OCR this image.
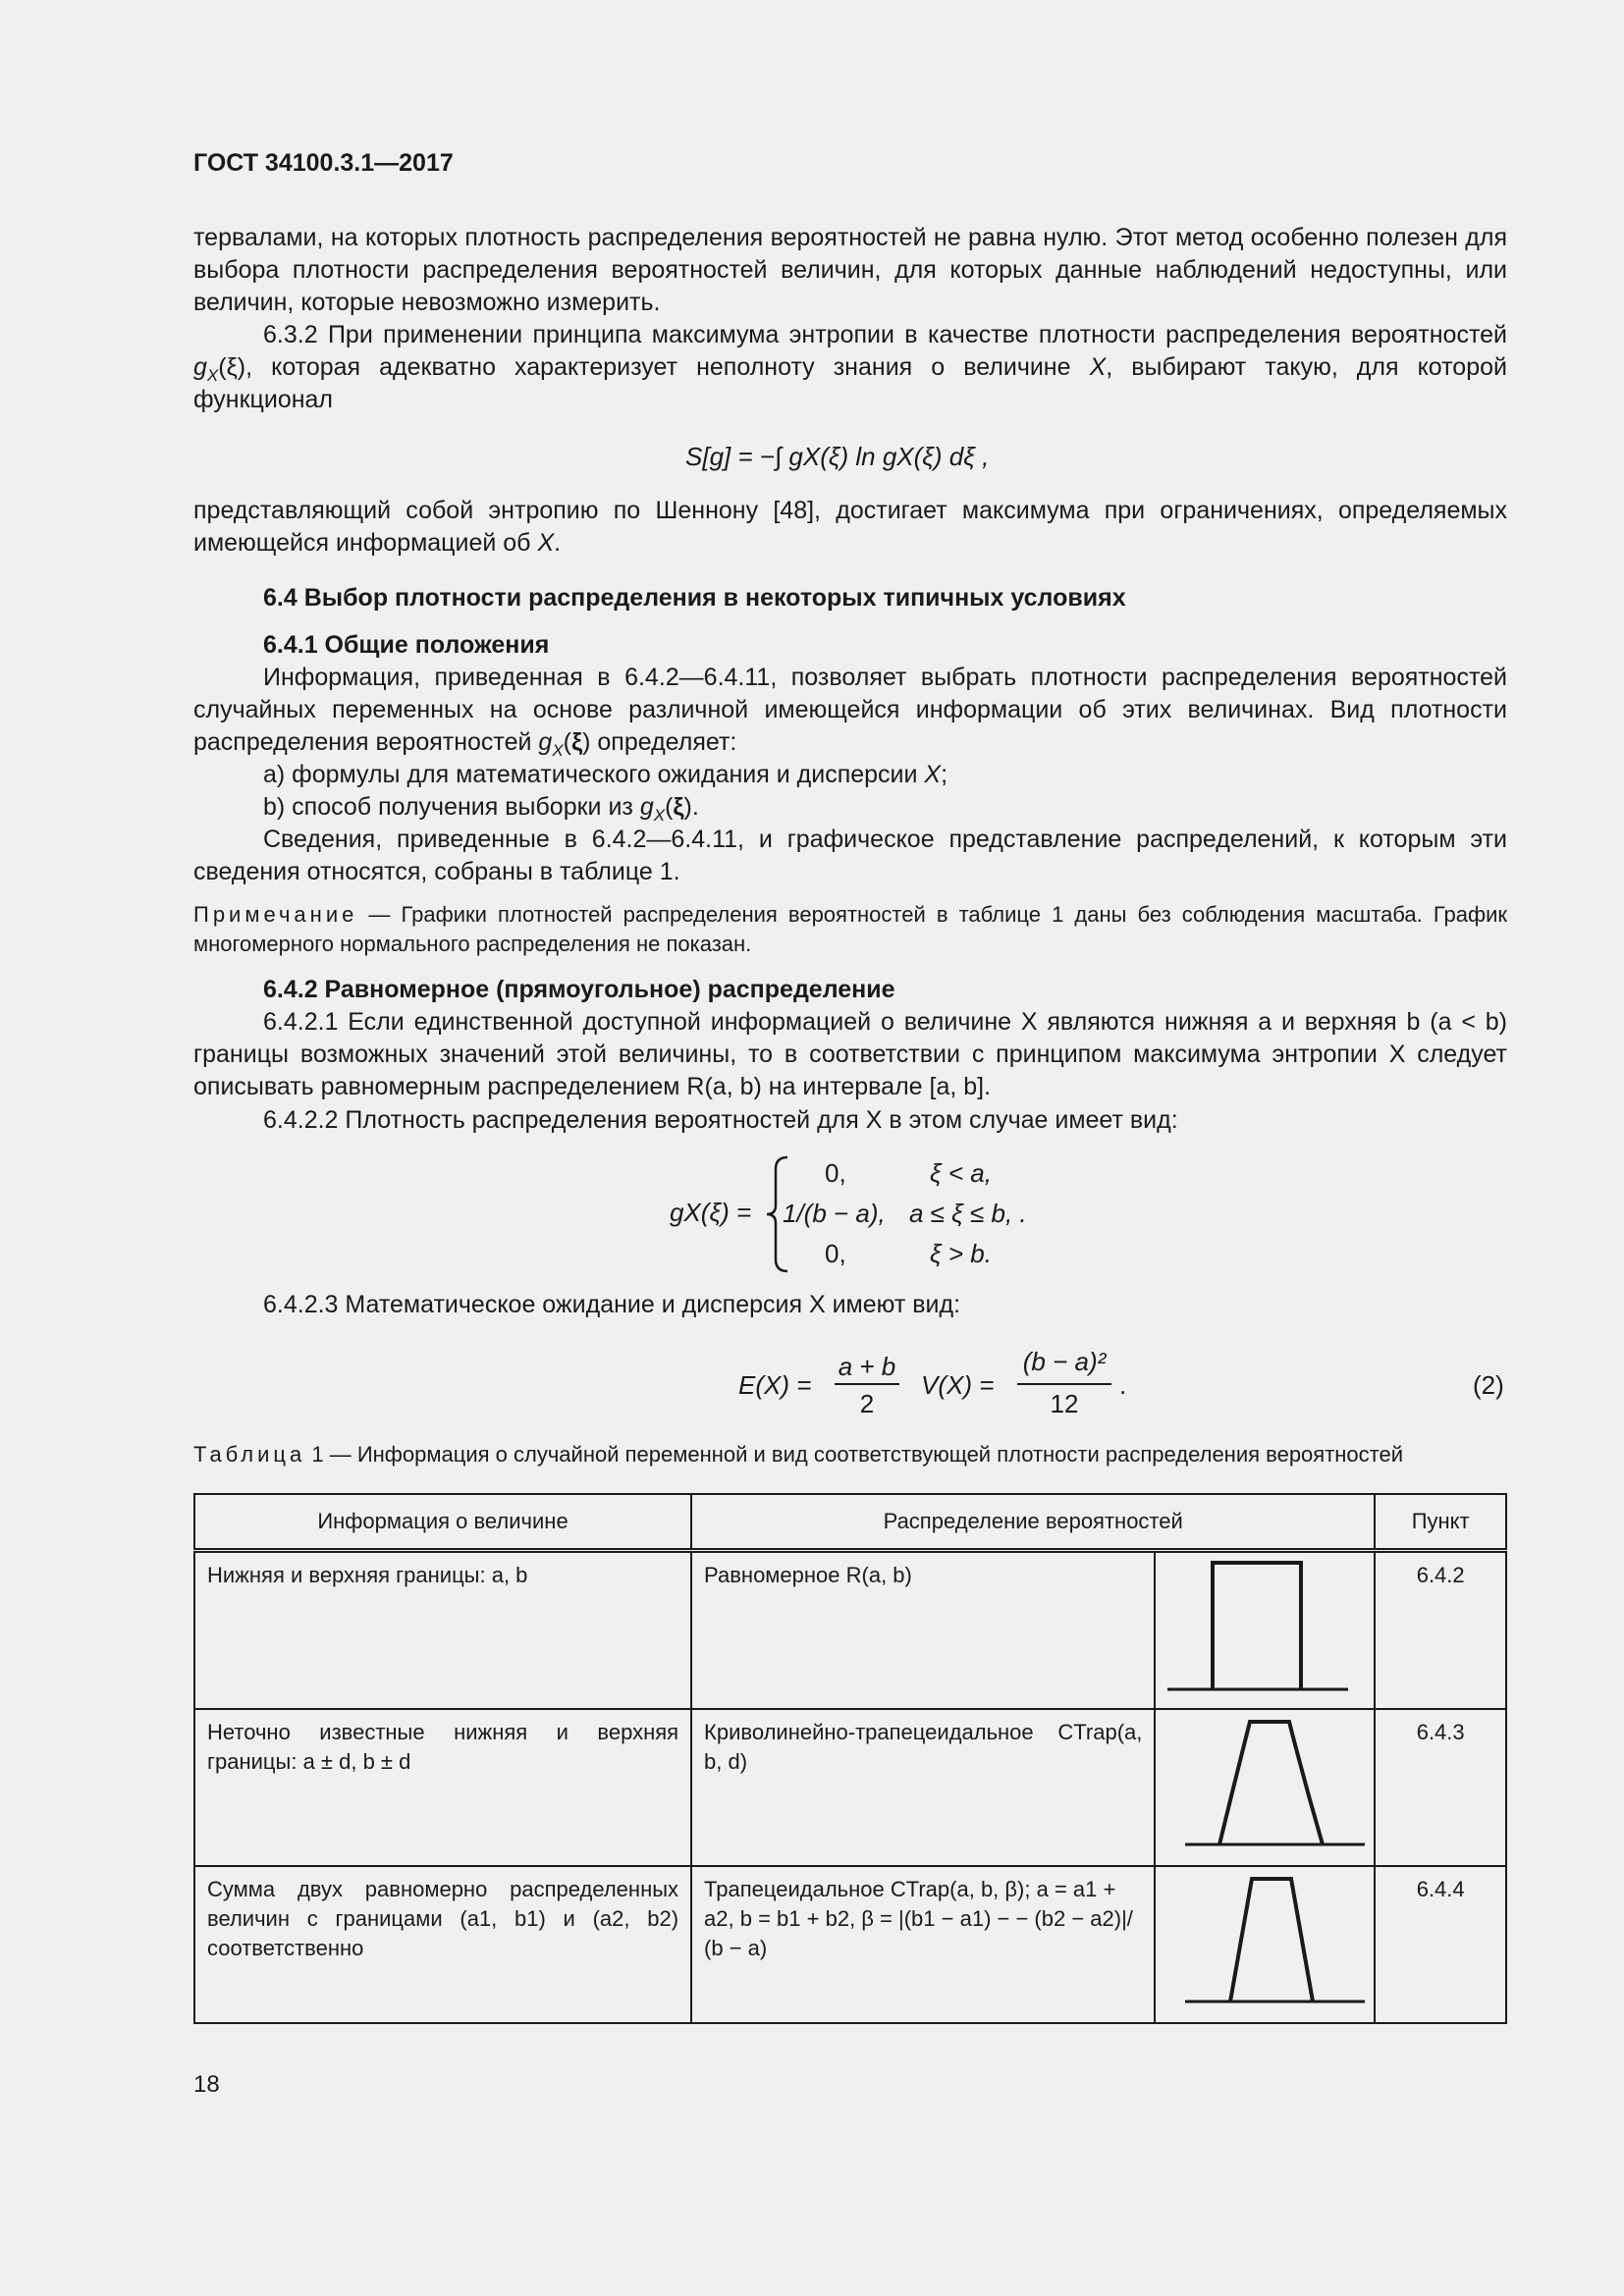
ГОСТ 34100.3.1—2017
тервалами, на которых плотность распределения вероятностей не равна нулю. Этот метод особенно полезен для выбора плотности распределения вероятностей величин, для которых данные наблюдений недоступны, или величин, которые невозможно измерить.
6.3.2 При применении принципа максимума энтропии в качестве плотности распределения вероятностей $g_X(\xi)$, которая адекватно характеризует неполноту знания о величине X, выбирают такую, для которой функционал
S[g] = −∫ gX(ξ) ln gX(ξ) dξ ,
представляющий собой энтропию по Шеннону [48], достигает максимума при ограничениях, определяемых имеющейся информацией об X.
6.4 Выбор плотности распределения в некоторых типичных условиях
6.4.1 Общие положения
Информация, приведенная в 6.4.2—6.4.11, позволяет выбрать плотности распределения вероятностей случайных переменных на основе различной имеющейся информации об этих величинах. Вид плотности распределения вероятностей $g_X(\xi)$ определяет:
a) формулы для математического ожидания и дисперсии X;
b) способ получения выборки из $g_X(\xi)$.
Сведения, приведенные в 6.4.2—6.4.11, и графическое представление распределений, к которым эти сведения относятся, собраны в таблице 1.
Примечание — Графики плотностей распределения вероятностей в таблице 1 даны без соблюдения масштаба. График многомерного нормального распределения не показан.
6.4.2 Равномерное (прямоугольное) распределение
6.4.2.1 Если единственной доступной информацией о величине X являются нижняя a и верхняя b (a < b) границы возможных значений этой величины, то в соответствии с принципом максимума энтропии X следует описывать равномерным распределением R(a, b) на интервале [a, b].
6.4.2.2 Плотность распределения вероятностей для X в этом случае имеет вид:
gX(ξ) =
0,	ξ < a,
1/(b − a), a ≤ ξ ≤ b, .
0,	ξ > b.
6.4.2.3 Математическое ожидание и дисперсия X имеют вид:
E(X) =
a + b
2
V(X) =
(b − a)²
12
.	(2)
Таблица 1 — Информация о случайной переменной и вид соответствующей плотности распределения вероятностей
Информация о величине	Распределение вероятностей		Пункт
Нижняя и верхняя границы: a, b	Равномерное R(a, b)		6.4.2
Неточно известные нижняя и верхняя границы: a ± d, b ± d	Криволинейно-трапецеидальное CTrap(a, b, d)		6.4.3
Сумма двух равномерно распределенных величин с границами (a1, b1) и (a2, b2) соответственно	Трапецеидальное CTrap(a, b, β); a = a1 + a2, b = b1 + b2, β = |(b1 − a1) − − (b2 − a2)|/ (b − a)		6.4.4
18
